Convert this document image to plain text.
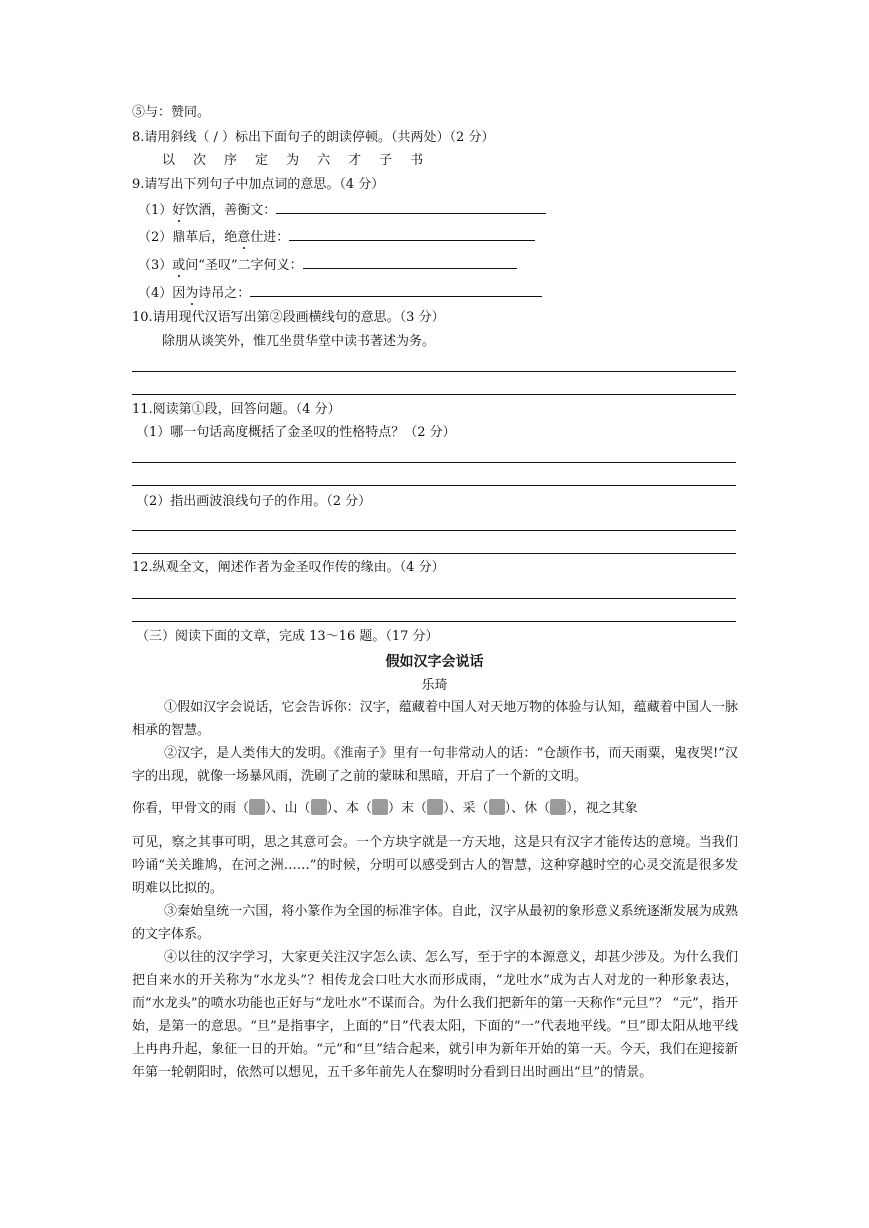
⑤与：赞同。
8.请用斜线（ / ）标出下面句子的朗读停顿。（共两处）（2 分）
以 次 序 定 为 六 才 子 书
9.请写出下列句子中加点词的意思。（4 分）
（1）好饮酒，善衡文：
（2）鼎革后，绝意仕进：
（3）或问“圣叹”二字何义：
（4）因为诗吊之：
10.请用现代汉语写出第②段画横线句的意思。（3 分）
除朋从谈笑外，惟兀坐贯华堂中读书著述为务。
11.阅读第①段，回答问题。（4 分）
（1）哪一句话高度概括了金圣叹的性格特点？（2 分）
（2）指出画波浪线句子的作用。（2 分）
12.纵观全文，阐述作者为金圣叹作传的缘由。（4 分）
（三）阅读下面的文章，完成 13～16 题。（17 分）
假如汉字会说话
乐琦
①假如汉字会说话，它会告诉你：汉字，蕴藏着中国人对天地万物的体验与认知，蕴藏着中国人一脉相承的智慧。
②汉字，是人类伟大的发明。《淮南子》里有一句非常动人的话：“仓颉作书，而天雨粟，鬼夜哭!”汉字的出现，就像一场暴风雨，洗刷了之前的蒙昧和黑暗，开启了一个新的文明。
你看，甲骨文的雨（ ）、山（ ）、本（ ）末（ ）、采（ ）、休（ ），视之其象
可见，察之其事可明，思之其意可会。一个方块字就是一方天地，这是只有汉字才能传达的意境。当我们吟诵“关关雎鸠，在河之洲……”的时候，分明可以感受到古人的智慧，这种穿越时空的心灵交流是很多发明难以比拟的。
③秦始皇统一六国，将小篆作为全国的标准字体。自此，汉字从最初的象形意义系统逐渐发展为成熟的文字体系。
④以往的汉字学习，大家更关注汉字怎么读、怎么写，至于字的本源意义，却甚少涉及。为什么我们把自来水的开关称为“水龙头”？相传龙会口吐大水而形成雨，“龙吐水”成为古人对龙的一种形象表达，而“水龙头”的喷水功能也正好与“龙吐水”不谋而合。为什么我们把新年的第一天称作“元旦”？ “元”，指开始，是第一的意思。“旦”是指事字，上面的“日”代表太阳，下面的“一”代表地平线。“旦”即太阳从地平线上冉冉升起，象征一日的开始。“元”和“旦”结合起来，就引申为新年开始的第一天。今天，我们在迎接新年第一轮朝阳时，依然可以想见，五千多年前先人在黎明时分看到日出时画出“旦”的情景。
